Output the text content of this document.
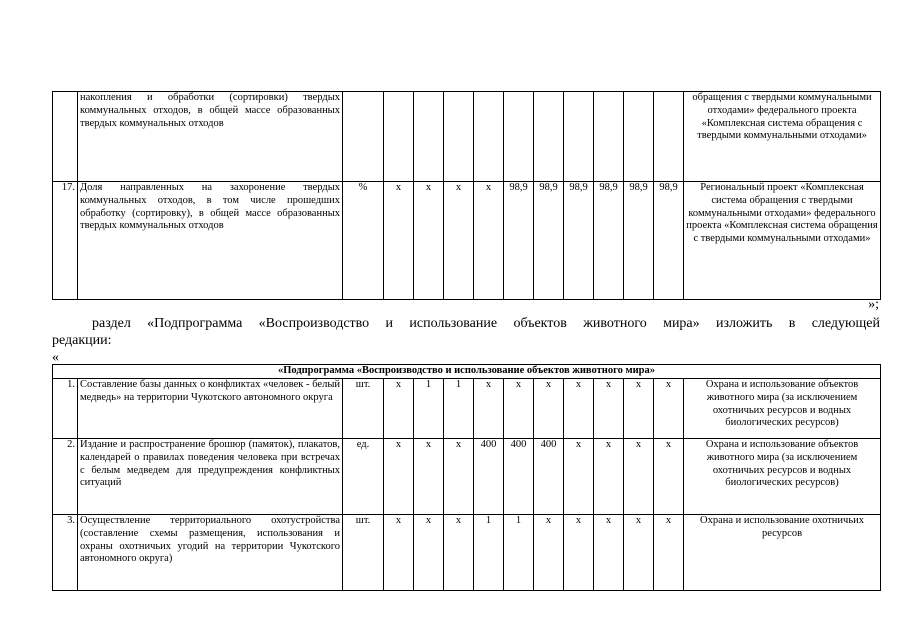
	накопления и обработки (сортировки) твердых коммунальных отходов, в общей массе образованных твердых коммунальных отходов												обращения с твердыми коммунальными отходами» федерального проекта «Комплексная система обращения с твердыми коммунальными отходами»
17.	Доля направленных на захоронение твердых коммунальных отходов, в том числе прошедших обработку (сортировку), в общей массе образованных твердых коммунальных отходов	%	х	х	х	х	98,9	98,9	98,9	98,9	98,9	98,9	Региональный проект «Комплексная система обращения с твердыми коммунальными отходами» федерального проекта «Комплексная система обращения с твердыми коммунальными отходами»
»;
раздел «Подпрограмма «Воспроизводство и использование объектов животного мира» изложить в следующей
редакции:
«
«Подпрограмма «Воспроизводство и использование объектов животного мира»													
1.	Составление базы данных о конфликтах «человек - белый медведь» на территории Чукотского автономного округа	шт.	х	1	1	х	х	х	х	х	х	х	Охрана и использование объектов животного мира (за исключением охотничьих ресурсов и водных биологических ресурсов)
2.	Издание и распространение брошюр (памяток), плакатов, календарей о правилах поведения человека при встречах с белым медведем для предупреждения конфликтных ситуаций	ед.	х	х	х	400	400	400	х	х	х	х	Охрана и использование объектов животного мира (за исключением охотничьих ресурсов и водных биологических ресурсов)
3.	Осуществление территориального охотустройства (составление схемы размещения, использования и охраны охотничьих угодий на территории Чукотского автономного округа)	шт.	х	х	х	1	1	х	х	х	х	х	Охрана и использование охотничьих ресурсов
